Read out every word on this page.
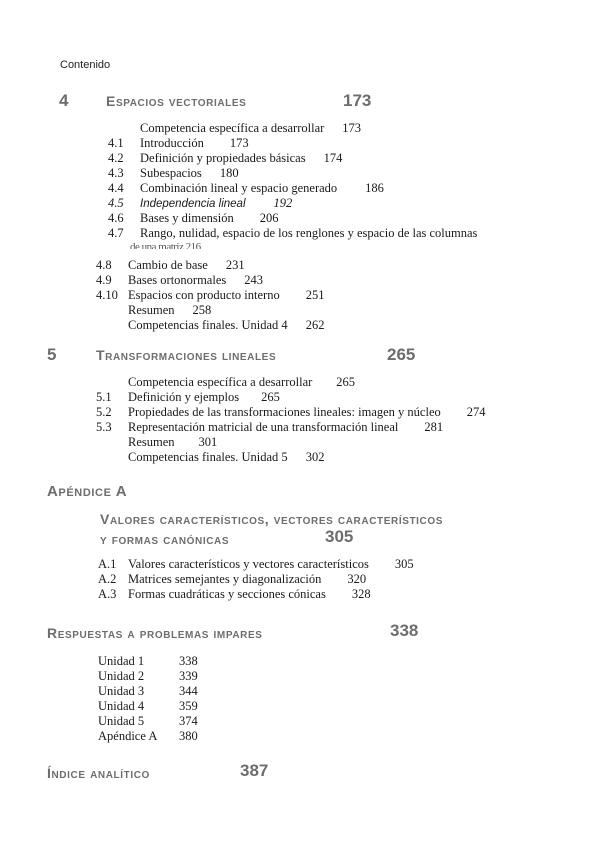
Contenido
4	Espacios vectoriales	173
Competencia específica a desarrollar 173
4.1 Introducción 173
4.2 Definición y propiedades básicas 174
4.3 Subespacios 180
4.4 Combinación lineal y espacio generado 186
4.5 Independencia lineal 192
4.6 Bases y dimensión 206
4.7 Rango, nulidad, espacio de los renglones y espacio de las columnas
de una matriz 216
4.8 Cambio de base 231
4.9 Bases ortonormales 243
4.10 Espacios con producto interno 251
Resumen 258
Competencias finales. Unidad 4 262
5	Transformaciones lineales	265
Competencia específica a desarrollar 265
5.1 Definición y ejemplos 265
5.2 Propiedades de las transformaciones lineales: imagen y núcleo 274
5.3 Representación matricial de una transformación lineal 281
Resumen 301
Competencias finales. Unidad 5 302
Apéndice A
Valores característicos, vectores característicos
y formas canónicas	305
A.1 Valores característicos y vectores característicos 305
A.2 Matrices semejantes y diagonalización 320
A.3 Formas cuadráticas y secciones cónicas 328
Respuestas a problemas impares	338
Unidad 1	338
Unidad 2	339
Unidad 3	344
Unidad 4	359
Unidad 5	374
Apéndice A 380
Índice analítico	387
